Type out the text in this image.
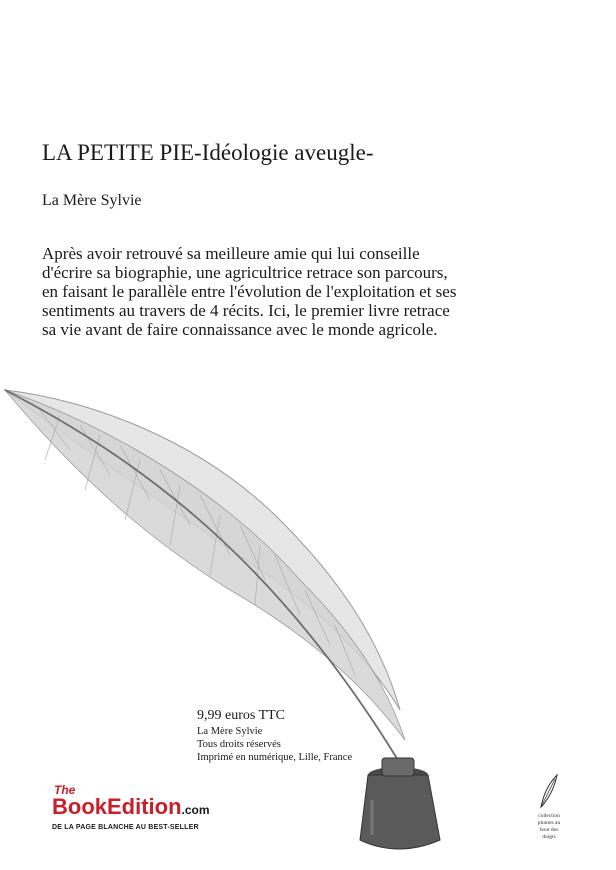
LA PETITE PIE-Idéologie aveugle-
La Mère Sylvie

Après avoir retrouvé sa meilleure amie qui lui conseille d'écrire sa biographie, une agricultrice retrace son parcours, en faisant le parallèle entre l'évolution de l'exploitation et ses sentiments au travers de 4 récits. Ici, le premier livre retrace sa vie avant de faire connaissance avec le monde agricole.

9,99 euros TTC
La Mère Sylvie
Tous droits réservés
Imprimé en numérique, Lille, France
The
BookEdition.com
DE LA PAGE BLANCHE AU BEST-SELLER
collection
plumes au
bout des
doigts
